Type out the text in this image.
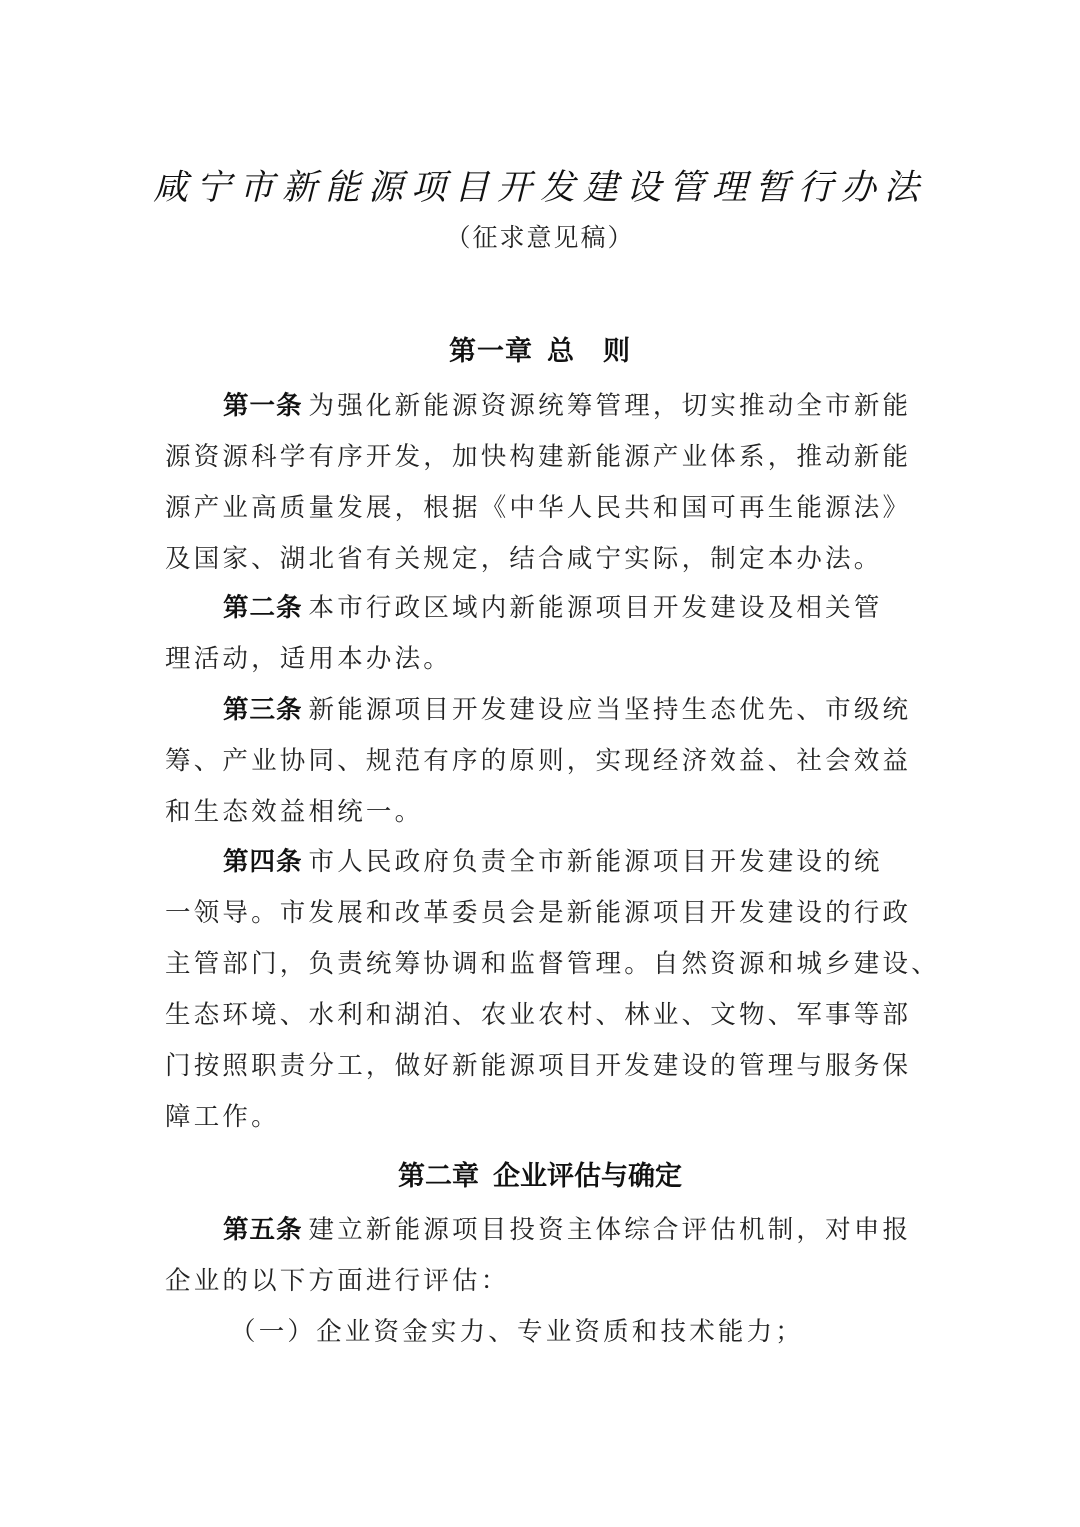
咸宁市新能源项目开发建设管理暂行办法
（征求意见稿）
第一章 总 则
第一条 为强化新能源资源统筹管理，切实推动全市新能
源资源科学有序开发，加快构建新能源产业体系，推动新能
源产业高质量发展，根据《中华人民共和国可再生能源法》
及国家、湖北省有关规定，结合咸宁实际，制定本办法。
第二条 本市行政区域内新能源项目开发建设及相关管
理活动，适用本办法。
第三条 新能源项目开发建设应当坚持生态优先、市级统
筹、产业协同、规范有序的原则，实现经济效益、社会效益
和生态效益相统一。
第四条 市人民政府负责全市新能源项目开发建设的统
一领导。市发展和改革委员会是新能源项目开发建设的行政
主管部门，负责统筹协调和监督管理。自然资源和城乡建设、
生态环境、水利和湖泊、农业农村、林业、文物、军事等部
门按照职责分工，做好新能源项目开发建设的管理与服务保
障工作。
第二章 企业评估与确定
第五条 建立新能源项目投资主体综合评估机制，对申报
企业的以下方面进行评估：
（一）企业资金实力、专业资质和技术能力；
